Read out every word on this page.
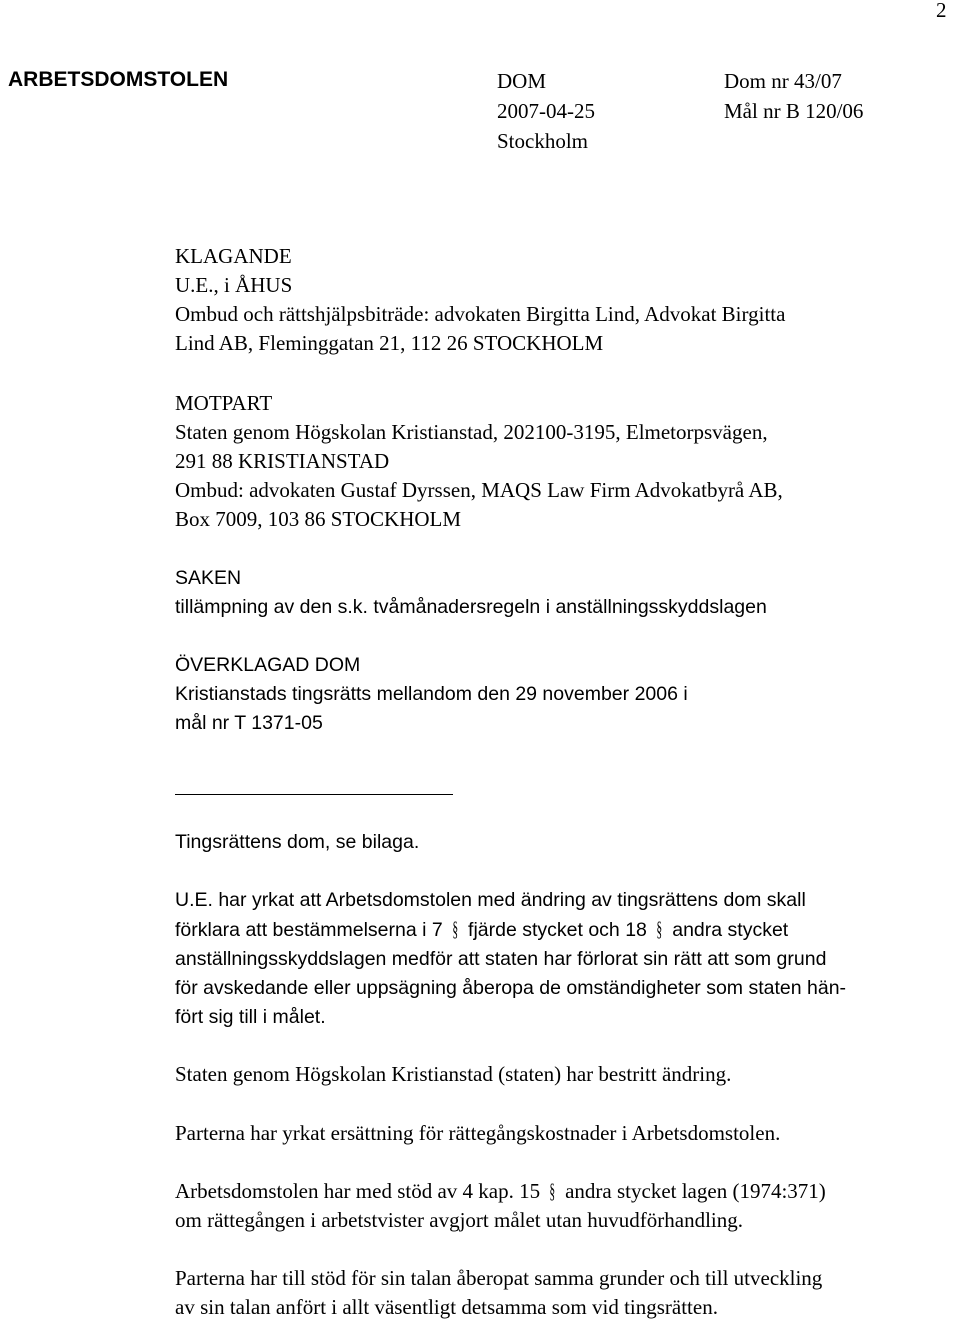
2
ARBETSDOMSTOLEN	DOM
2007-04-25
Stockholm
Dom nr 43/07
Mål nr B 120/06
KLAGANDE
U.E., i ÅHUS
Ombud och rättshjälpsbiträde: advokaten Birgitta Lind, Advokat Birgitta
Lind AB, Fleminggatan 21, 112 26 STOCKHOLM
MOTPART
Staten genom Högskolan Kristianstad, 202100-3195, Elmetorpsvägen,
291 88 KRISTIANSTAD
Ombud: advokaten Gustaf Dyrssen, MAQS Law Firm Advokatbyrå AB,
Box 7009, 103 86 STOCKHOLM
SAKEN
tillämpning av den s.k. tvåmånadersregeln i anställningsskyddslagen
ÖVERKLAGAD DOM
Kristianstads tingsrätts mellandom den 29 november 2006 i
mål nr T 1371-05
Tingsrättens dom, se bilaga.
U.E. har yrkat att Arbetsdomstolen med ändring av tingsrättens dom skall
förklara att bestämmelserna i 7 § fjärde stycket och 18 § andra stycket
anställningsskyddslagen medför att staten har förlorat sin rätt att som grund
för avskedande eller uppsägning åberopa de omständigheter som staten hän-
fört sig till i målet.
Staten genom Högskolan Kristianstad (staten) har bestritt ändring.
Parterna har yrkat ersättning för rättegångskostnader i Arbetsdomstolen.
Arbetsdomstolen har med stöd av 4 kap. 15 § andra stycket lagen (1974:371)
om rättegången i arbetstvister avgjort målet utan huvudförhandling.
Parterna har till stöd för sin talan åberopat samma grunder och till utveckling
av sin talan anfört i allt väsentligt detsamma som vid tingsrätten.
